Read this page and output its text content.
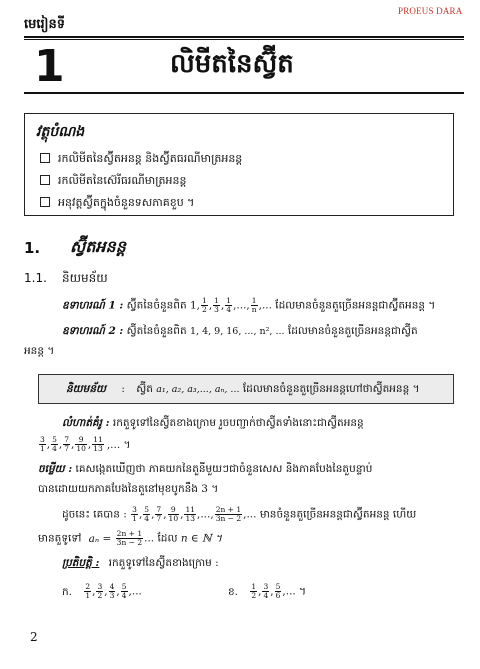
PROEUS DARA
មេរៀនទី
1	លិមីតនៃស្វ៊ីត
វត្ថុបំណង
រកលិមីតនៃស្វ៊ីតអនន្ត និងស្វ៊ីតធរណីមាត្រអនន្ត
រកលិមីតនៃស៊េរីធរណីមាត្រអនន្ត
អនុវត្តស្វ៊ីតក្នុងចំនួនទសភាគខួប ។
1. ស្វ៊ីតអនន្ត
1.1. និយមន័យ
ឧទាហរណ៍ 1 : ស្វ៊ីតនៃចំនួនពិត 1, $\frac{1}{2}$ , $\frac{1}{3}$ , $\frac{1}{4}$ ,..., $\frac{1}{n}$ ,... ដែលមានចំនួនតួច្រើនអនន្តជាស្វ៊ីតអនន្ត ។
ឧទាហរណ៍ 2 : ស្វ៊ីតនៃចំនួនពិត 1, 4, 9, 16, ..., n², ... ដែលមានចំនួនតួច្រើនអនន្តជាស្វ៊ីត
អនន្ត ។
និយមន័យ : ស្វ៊ីត a₁, a₂, a₃,..., aₙ, ... ដែលមានចំនួនតួច្រើនអនន្តហៅថាស្វ៊ីតអនន្ត ។
លំហាត់គំរូ : រកតួទូទៅនៃស្វ៊ីតខាងក្រោម រួចបញ្ជាក់ថាស្វ៊ីតទាំងនោះជាស្វ៊ីតអនន្ត
$\frac{3}{1}$ , $\frac{5}{4}$ , $\frac{7}{7}$ , $\frac{9}{10}$ , $\frac{11}{13}$ ,... ។
ចម្លើយ : គេសង្កេតឃើញថា ភាគយកនៃតួនីមួយៗជាចំនួនសេស និងភាគបែងនៃតួបន្ទាប់
បានដោយយកភាគបែងនៃតួនៅមុខបូកនឹង 3 ។
ដូចនេះ គេបាន : $\frac{3}{1}$ , $\frac{5}{4}$ , $\frac{7}{7}$ , $\frac{9}{10}$ , $\frac{11}{13}$ ,..., $\frac{2n + 1}{3n - 2}$ ,... មានចំនួនតួច្រើនអនន្តជាស្វ៊ីតអនន្ត ហើយ
មានតួទូទៅ $a_n = \frac{2n + 1}{3n - 2}$ ... ដែល n ∈ ℕ ។
ប្រតិបត្តិ : រកតួទូទៅនៃស្វ៊ីតខាងក្រោម :
ក. $\frac{2}{1}$ , $\frac{3}{2}$ , $\frac{4}{3}$ , $\frac{5}{4}$ ,...	ខ. $\frac{1}{2}$ , $\frac{3}{4}$ , $\frac{5}{6}$ ,... ។
2
